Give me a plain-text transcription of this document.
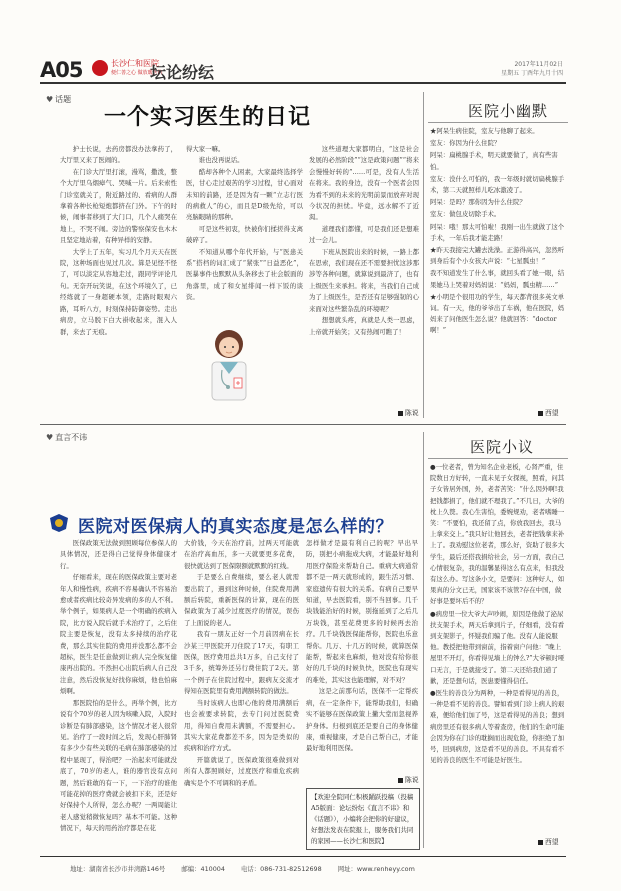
A05	长沙仁和医院
便仁善之心 做放暖医院
坛论纷纭	2017年11月02日
星期五 丁酉年九月十四
♥ 话题
一个实习医生的日记

护士长说，去药房都没办法拿药了，大厅里又来了医闹的。

在门诊大厅里打滚，漫骂，撒泼，整个大厅里乌烟瘴气、哭喊一片。后来索性门诊室就关了，附近路过的、看病的人群拿着各种长枪短炮都挤在门外。下午的时候，闹事者移到了大门口，几个人痛哭在地上，不哭不闹。旁边的警察保安也木木且坚定地站着，有种异样的安静。

大学上了五年，实习几个月天天在医院，这种场面也见过几次。算是见怪不怪了，可以淡定从容地走过，跟同学评论几句。无奈开玩笑说，在这个环境久了，已经练就了一身超硬本领，走路时眼观六路，耳听八方，时刻保持防御姿势。走出病房，立马脱下白大褂收起来，混入人群，来去了无痕。

得大家一嘛。

谁也没再说话。

酷却各种个人困素，大家最终选择学医，甘心走过艰苦的学习过程，甘心面对未知的前路，还是因为有一颗“立志行医的病救人”的心，而且是D级先给，可以亮脑眼睛的那种。

可是这些初衷，快被你们揉搓得支离破碎了。

不知道从哪个年代开始，与“医患关系”搭档的词汇成了“紧张”“日益恶化”，医暴事件也默默从头条移去了社会版面的角落里，成了和女星绯闻一样下饭的谈资。

这些道理大家都明白，“这是社会发展的必然阶段”“这是政策问题”“将来会慢慢好转的”……可是，没有人生活在将来。我的身边，没有一个医者会因为看不到的未来的光明前景而放弃对现今状况的担忧。毕竟，远水解不了近渴。

道理我们都懂，可是我们还是想难过一会儿。

下班从医院出来的时候，一路上都在思索，我们现在还不需要担忧这涉那涉等各种问题，就算说到最济了，也有上级医生来承担。将来，当我们自己成为了上级医生，是否还有足够强韧的心来面对这些繁杂乱的环境呢？

想想就头疼，真就是人类一思虑，上帝就开始笑；又有热闹可瞧了！

陈说
医院小幽默

★阿呆生病住院，室友与他聊了起来。

室友：你因为什么住院？

阿呆：扁桃腺手术，明天就要做了，真有些害怕。

室友：没什么可怕的，我一年级时就切扁桃腺手术，第二天就照样儿吃冰激凌了。

阿呆：是吗？那你因为什么住院？

室友：做包皮切除手术。

阿呆：哦！那太可怕啦！我刚一出生就做了这个手术，一年后我才能走路！

★昨天我接完大罐去洗澡。正游得高兴，忽然听到身后有个小女孩大声说：“七星瓢虫！”

我不知道发生了什么事，就回头看了她一眼，结果她马上哭着对妈妈说：“妈妈，瓢虫精……”

★小明是个很用功的学生，每天都背很多英文单词。有一天，他的爷爷出了车祸，他在医院，妈妈来了问他医生怎么说？他就回答：“doctor啊！”

西望
♥ 直言不讳
医院对医保病人的真实态度是怎么样的？

医保政策无法做到照顾每位参保人的具体情况，还是得自己觉得身体健康才行。

仔细看来，现在的医保政策主要对老年人和慢性病，疾病不容易确认不容易治愈或者疾病比较奇异发病的多的人不利。举个例子，如果病人是一个明确的疾病入院，比方说入院后就手术治疗了，之后住院主要是恢复，没有太多持续的治疗花费，那么其实住院的费用并没那么都不会超标，医生是任意做到让病人完全恢复健康再出院的。不然担心出院后病人自己没注意，然后没恢复好找你麻烦，他也怕麻烦啊。

那医院怕的是什么，再举个例，比方说有个70岁的老人因为咳嗽入院，入院时诊断是有肺部感染，这个情况才老人很常见。治疗了一段时间之后，发现心肝肺肾有多少少有些关联的毛病在肺部感染的过程中显现了，得治吧？一治起来可能就没底了，70岁的老人，谁的器官没有点问题，然后谁敢的有一下，一下治疗的谁他可能花掉的医疗费就会被扣下来，还是好好保持个人所得，怎么办呢？一两周能让老人感觉稍微恢复吗？基本不可能。这种情况下，每天的用药治疗都是在花

大价钱，今天在治疗前，过两天可能就在治疗高血压，多一天就要更多花费，很快就达到了医保限额就默默的红线。

于是要么自费继续，要么老人就需要出院了，遇到这种时候，住院费用满额后转院，重新医保的计算，现在的医保政策为了减少过度医疗的情况，误伤了上面说的老人。

我有一朋友正好一个月前因病在长沙某三甲医院开刀住院了17天，有职工医保，医疗费用总共1万多，自己支付了3千多，统筹外还另行费住院了2天。第一个例子在住院过程中，跟病友交流才得知在医院里有费用满额转院的做法。

当时该病人也即心他的费用满额后也会被要求转院，去专门问过医院费用，得知自费用未满额，不需要担心。其实大家花费都差不多，因为是类似的疾病和治疗方式。

开篇就说了，医保政策很难做到对所有人都照顾好，过度医疗和重危疾病确实是个不可调和的矛盾。

怎样做才是最有利自己的呢？早出早防，别把小病拖成大病，才能最好地利用医疗保险来帮助自己。重病大病通常都不是一两天就形成的，跟生活习惯、家庭遗传有很大的关系。有病自己要早知道，早去医院看，别不当回事。几千块钱能治好的时候，别拖延到了之后几万块钱，甚至花费更多的时候再去治疗。几千块钱医保能帮你，医院也乐意帮你。几万、十几万的时候，就算医保能帮，帮起来也麻烦，他对没有给你很好的几千块的时候负快，医院也有现实的难处，其实这也能理解，对不对？

这是之前那句话，医保不一定帮疾病，在一定条件下，能帮助我们，但确实不能够在医保政策上撇大堂而忽视养护身体。归根到底还是要自己的身体健康，重视健康，才是自己帮自己，才能最好地利用医保。

陈说
【欢迎全院同仁积极踊跃投稿（投稿A5版面：论坛纷纭《直言不讳》和《话题》），小编将会把你的好建议，好想法发表在院报上，服务我们共同的家园——长沙仁和医院】
医院小议

●一位老者，曾为知名企业老板，心肾严重，住院数日方好转，一直未见子女探视，照看，问其子女皆居外国，外，老者苦笑：“什么因外啊!我把钱都捐了，他们就不理我了。”不几日，大爷的枕上久赘。我心生害怕，委婉规劝，老者嗜睡一笑：“不要怕，我还留了点，你放我回去，我马上拿来交上。”我只好让他回去，老者把钱拿来补上了。我劝慰这位老者，那么好，资助了很多大学生，最后还搭我捐给社会，另一方面，我自己心情很复杂，我的温馨显得这么有点来，但我没有这么办。写这条小文，是要问：这种好人，如果真的分文已无，国家该不该管?存在中国，做好事是要坏后不的？

●病房里一位大爷大声吵闹，原因是他做了泌尿扶支架手术，两天后拿到片子，仔细看，没有看到支架影子，怀疑我们骗了他。没有人能说服他。教授把他带到窗前，指着窗户问他：“晚上屋里不开灯，你看得见墙上的钟么?”大爷顿时哑口无言，于是就接受了。第二天还给我们道了歉，还是想句话，医患要懂得信任。

●医生的善良分为两种，一种是看得见的善良，一种是看不见的善良。譬如看到门诊上病人的艰难，便给他们加了号，这是看得见的善良；想到病房里还有很多病人等着查房，他们的生命可能会因为你在门诊的耽搁而出现危险，你拒绝了加号，回到病房，这是看不见的善良。不具有看不见的善良的医生不可能是好医生。

西望
地址：湖南省长沙市井湾路146号	邮编：410004	电话：086-731-82512698	网址：www.renheyy.com
